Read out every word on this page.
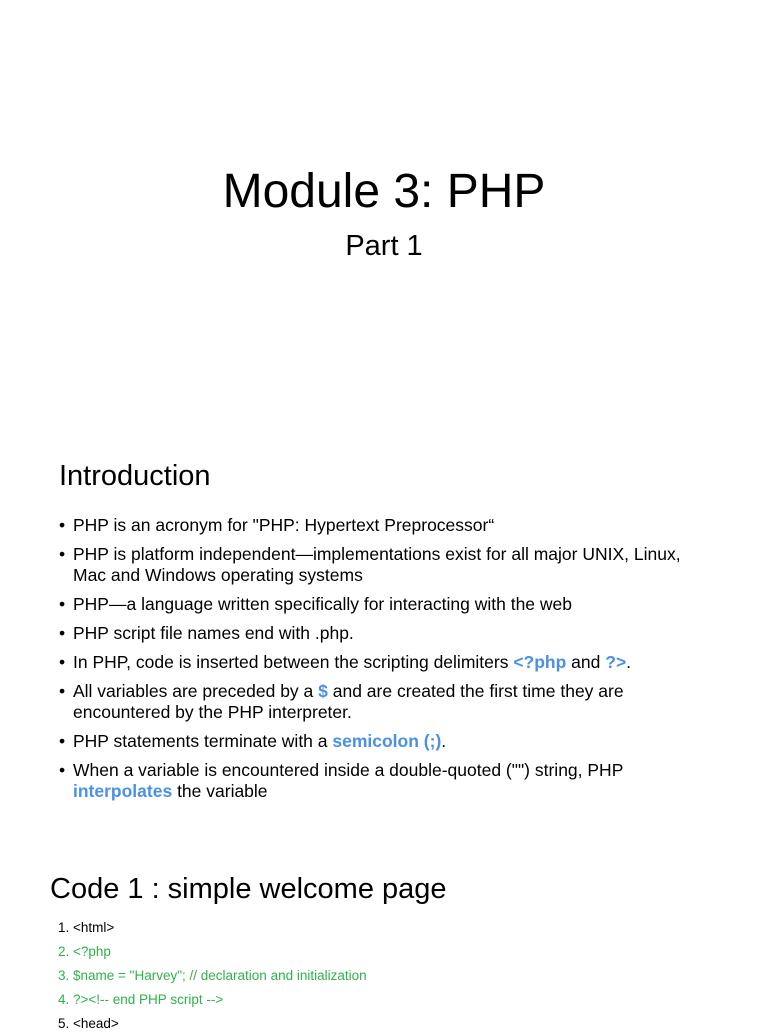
Module 3: PHP
Part 1
Introduction
• PHP is an acronym for "PHP: Hypertext Preprocessor“
• PHP is platform independent—implementations exist for all major UNIX, Linux, Mac and Windows operating systems
• PHP—a language written specifically for interacting with the web
• PHP script file names end with .php.
• In PHP, code is inserted between the scripting delimiters <?php and ?>.
• All variables are preceded by a $ and are created the first time they are encountered by the PHP interpreter.
• PHP statements terminate with a semicolon (;).
• When a variable is encountered inside a double-quoted ("") string, PHP interpolates the variable
Code 1 : simple welcome page
1. <html>
2. <?php
3. $name = "Harvey"; // declaration and initialization
4. ?><!-- end PHP script -->
5. <head>
